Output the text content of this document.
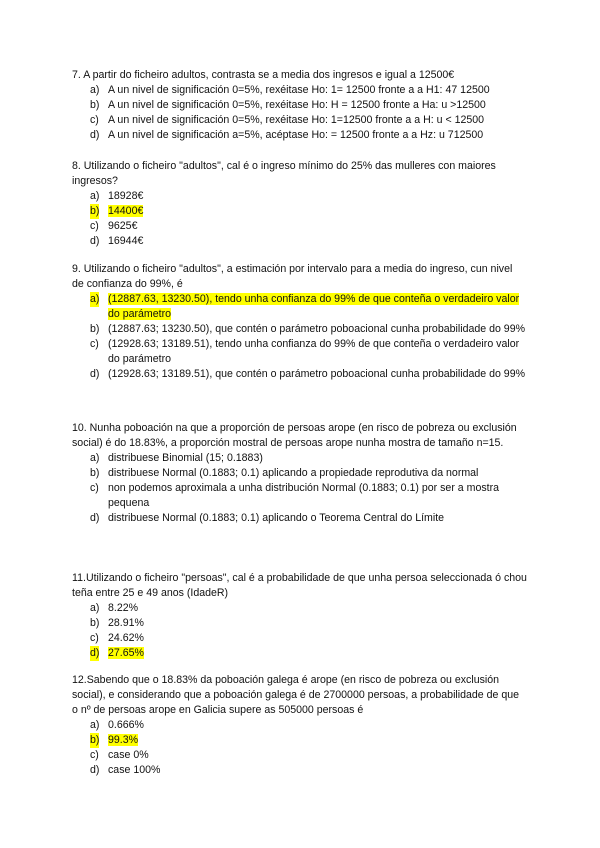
7. A partir do ficheiro adultos, contrasta se a media dos ingresos e igual a 12500€

a) A un nivel de significación 0=5%, rexéitase Ho: 1= 12500 fronte a a H1: 47 12500
b) A un nivel de significación 0=5%, rexéitase Ho: H = 12500 fronte a Ha: u >12500
c) A un nivel de significación 0=5%, rexéitase Ho: 1=12500 fronte a a H: u < 12500
d) A un nivel de significación a=5%, acéptase Ho: = 12500 fronte a a Hz: u 712500

8. Utilizando o ficheiro "adultos", cal é o ingreso mínimo do 25% das mulleres con maiores ingresos?

a) 18928€
b) 14400€
c) 9625€
d) 16944€

9. Utilizando o ficheiro "adultos", a estimación por intervalo para a media do ingreso, cun nivel de confianza do 99%, é

a) (12887.63, 13230.50), tendo unha confianza do 99% de que conteña o verdadeiro valor do parámetro
b) (12887.63; 13230.50), que contén o parámetro poboacional cunha probabilidade do 99%
c) (12928.63; 13189.51), tendo unha confianza do 99% de que conteña o verdadeiro valor do parámetro
d) (12928.63; 13189.51), que contén o parámetro poboacional cunha probabilidade do 99%

10. Nunha poboación na que a proporción de persoas arope (en risco de pobreza ou exclusión social) é do 18.83%, a proporción mostral de persoas arope nunha mostra de tamaño n=15.

a) distribuese Binomial (15; 0.1883)
b) distribuese Normal (0.1883; 0.1) aplicando a propiedade reprodutiva da normal
c) non podemos aproximala a unha distribución Normal (0.1883; 0.1) por ser a mostra pequena
d) distribuese Normal (0.1883; 0.1) aplicando o Teorema Central do Límite

11.Utilizando o ficheiro "persoas", cal é a probabilidade de que unha persoa seleccionada ó chou teña entre 25 e 49 anos (IdadeR)

a) 8.22%
b) 28.91%
c) 24.62%
d) 27.65%

12.Sabendo que o 18.83% da poboación galega é arope (en risco de pobreza ou exclusión social), e considerando que a poboación galega é de 2700000 persoas, a probabilidade de que o nº de persoas arope en Galicia supere as 505000 persoas é

a) 0.666%
b) 99.3%
c) case 0%
d) case 100%
